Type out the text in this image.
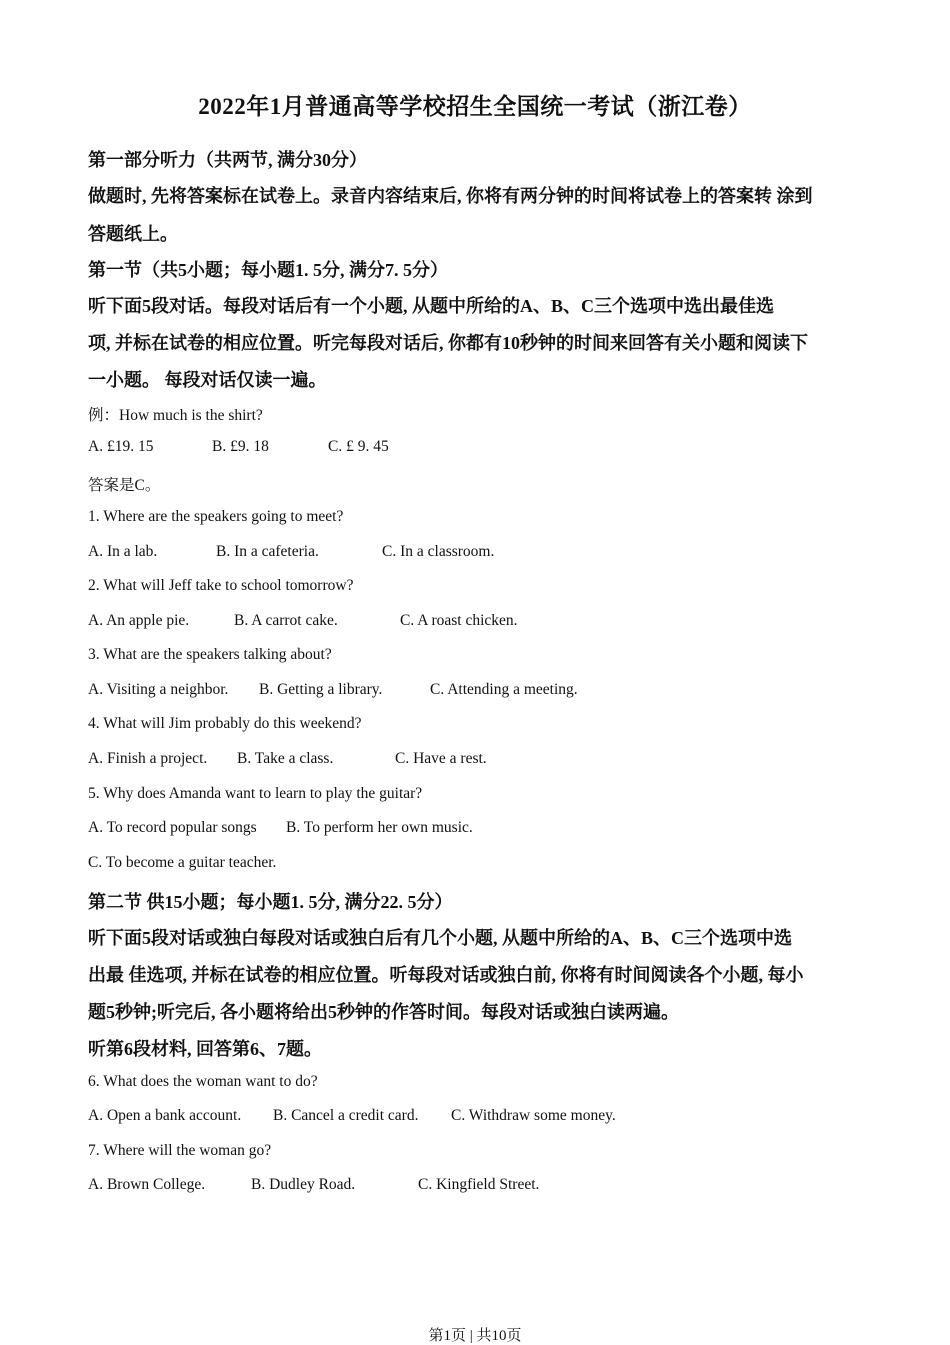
2022年1月普通高等学校招生全国统一考试（浙江卷）
第一部分听力（共两节, 满分30分）
做题时, 先将答案标在试卷上。录音内容结束后, 你将有两分钟的时间将试卷上的答案转 涂到
答题纸上。
第一节（共5小题；每小题1. 5分, 满分7. 5分）
听下面5段对话。每段对话后有一个小题, 从题中所给的A、B、C三个选项中选出最佳选
项, 并标在试卷的相应位置。听完每段对话后, 你都有10秒钟的时间来回答有关小题和阅读下
一小题。 每段对话仅读一遍。
例：How much is the shirt?
A. £19. 15	B. £9. 18	C. £ 9. 45
答案是C。
1. Where are the speakers going to meet?
A. In a lab.	B. In a cafeteria.	C. In a classroom.
2. What will Jeff take to school tomorrow?
A. An apple pie.	B. A carrot cake.	C. A roast chicken.
3. What are the speakers talking about?
A. Visiting a neighbor. B. Getting a library.	C. Attending a meeting.
4. What will Jim probably do this weekend?
A. Finish a project. B. Take a class.	C. Have a rest.
5. Why does Amanda want to learn to play the guitar?
A. To record popular songs B. To perform her own music.
C. To become a guitar teacher.
第二节 供15小题；每小题1. 5分, 满分22. 5分）
听下面5段对话或独白每段对话或独白后有几个小题, 从题中所给的A、B、C三个选项中选
出最 佳选项, 并标在试卷的相应位置。听每段对话或独白前, 你将有时间阅读各个小题, 每小
题5秒钟;听完后, 各小题将给出5秒钟的作答时间。每段对话或独白读两遍。
听第6段材料, 回答第6、7题。
6. What does the woman want to do?
A. Open a bank account. B. Cancel a credit card. C. Withdraw some money.
7. Where will the woman go?
A. Brown College.	B. Dudley Road.	C. Kingfield Street.
第1页 | 共10页
